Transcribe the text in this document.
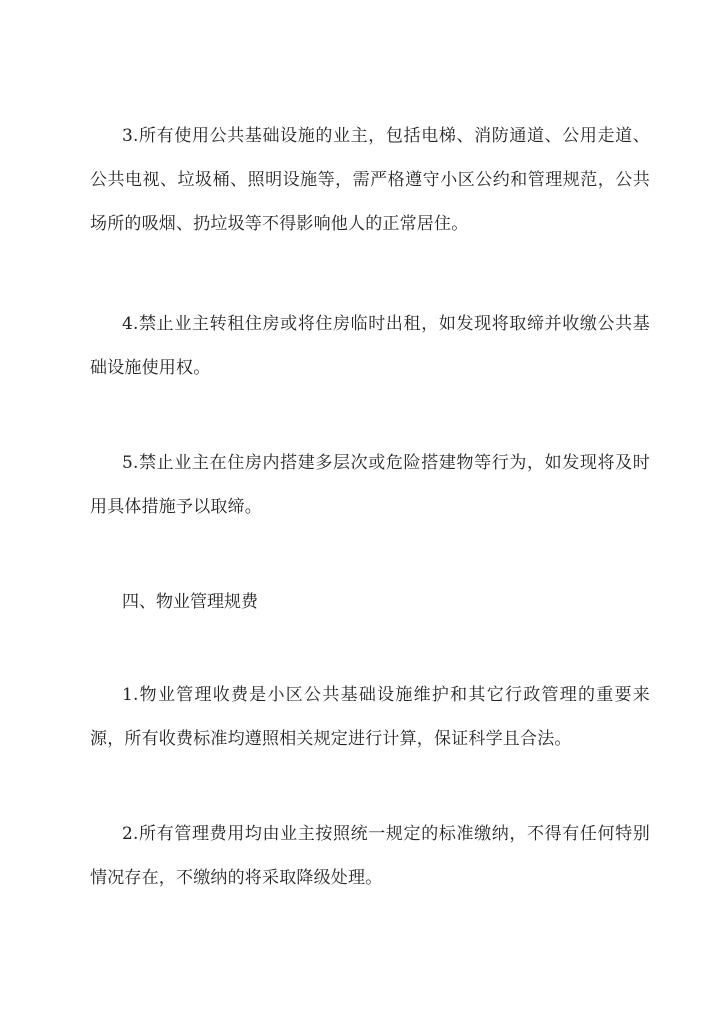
3.所有使用公共基础设施的业主，包括电梯、消防通道、公用走道、公共电视、垃圾桶、照明设施等，需严格遵守小区公约和管理规范，公共场所的吸烟、扔垃圾等不得影响他人的正常居住。

4.禁止业主转租住房或将住房临时出租，如发现将取缔并收缴公共基础设施使用权。

5.禁止业主在住房内搭建多层次或危险搭建物等行为，如发现将及时用具体措施予以取缔。

四、物业管理规费

1.物业管理收费是小区公共基础设施维护和其它行政管理的重要来源，所有收费标准均遵照相关规定进行计算，保证科学且合法。

2.所有管理费用均由业主按照统一规定的标准缴纳，不得有任何特别情况存在，不缴纳的将采取降级处理。
